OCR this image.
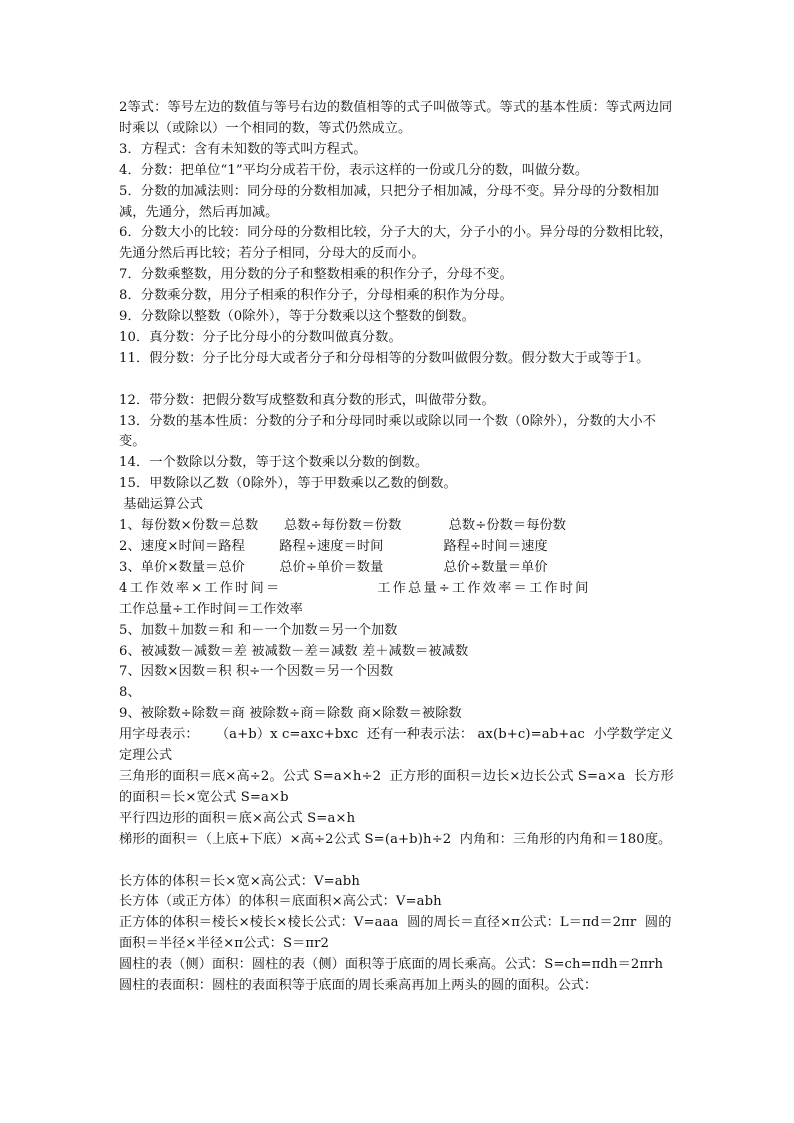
2等式：等号左边的数值与等号右边的数值相等的式子叫做等式。等式的基本性质：等式两边同时乘以（或除以）一个相同的数，等式仍然成立。

3．方程式：含有未知数的等式叫方程式。

4．分数：把单位“1”平均分成若干份，表示这样的一份或几分的数，叫做分数。

5．分数的加减法则：同分母的分数相加减，只把分子相加减，分母不变。异分母的分数相加减，先通分，然后再加减。

6．分数大小的比较：同分母的分数相比较，分子大的大，分子小的小。异分母的分数相比较，先通分然后再比较；若分子相同，分母大的反而小。

7．分数乘整数，用分数的分子和整数相乘的积作分子，分母不变。

8．分数乘分数，用分子相乘的积作分子，分母相乘的积作为分母。

9．分数除以整数（0除外），等于分数乘以这个整数的倒数。

10．真分数：分子比分母小的分数叫做真分数。

11．假分数：分子比分母大或者分子和分母相等的分数叫做假分数。假分数大于或等于1。

12．带分数：把假分数写成整数和真分数的形式，叫做带分数。

13．分数的基本性质：分数的分子和分母同时乘以或除以同一个数（0除外），分数的大小不变。

14．一个数除以分数，等于这个数乘以分数的倒数。

15．甲数除以乙数（0除外），等于甲数乘以乙数的倒数。

基础运算公式

1、每份数×份数＝总数      总数÷每份数＝份数           总数÷份数＝每份数

2、速度×时间＝路程        路程÷速度＝时间              路程÷时间＝速度

3、单价×数量＝总价        总价÷单价＝数量              总价÷数量＝单价

4工作效率×工作时间＝               工作总量÷工作效率＝工作时间

工作总量÷工作时间＝工作效率

5、加数＋加数＝和 和－一个加数＝另一个加数

6、被减数－减数＝差 被减数－差＝减数 差＋减数＝被减数

7、因数×因数＝积 积÷一个因数＝另一个因数

8、

9、被除数÷除数＝商 被除数÷商＝除数 商×除数＝被除数

用字母表示：    （a+b）x c=axc+bxc  还有一种表示法： ax(b+c)=ab+ac  小学数学定义定理公式

三角形的面积＝底×高÷2。公式 S=a×h÷2  正方形的面积＝边长×边长公式 S=a×a  长方形的面积＝长×宽公式 S=a×b

平行四边形的面积＝底×高公式 S=a×h

梯形的面积＝（上底+下底）×高÷2公式 S=(a+b)h÷2  内角和：三角形的内角和＝180度。

长方体的体积＝长×宽×高公式：V=abh

长方体（或正方体）的体积＝底面积×高公式：V=abh

正方体的体积＝棱长×棱长×棱长公式：V=aaa  圆的周长＝直径×π公式：L＝πd＝2πr  圆的面积＝半径×半径×π公式：S＝πr2

圆柱的表（侧）面积：圆柱的表（侧）面积等于底面的周长乘高。公式：S=ch=πdh＝2πrh

圆柱的表面积：圆柱的表面积等于底面的周长乘高再加上两头的圆的面积。公式：
